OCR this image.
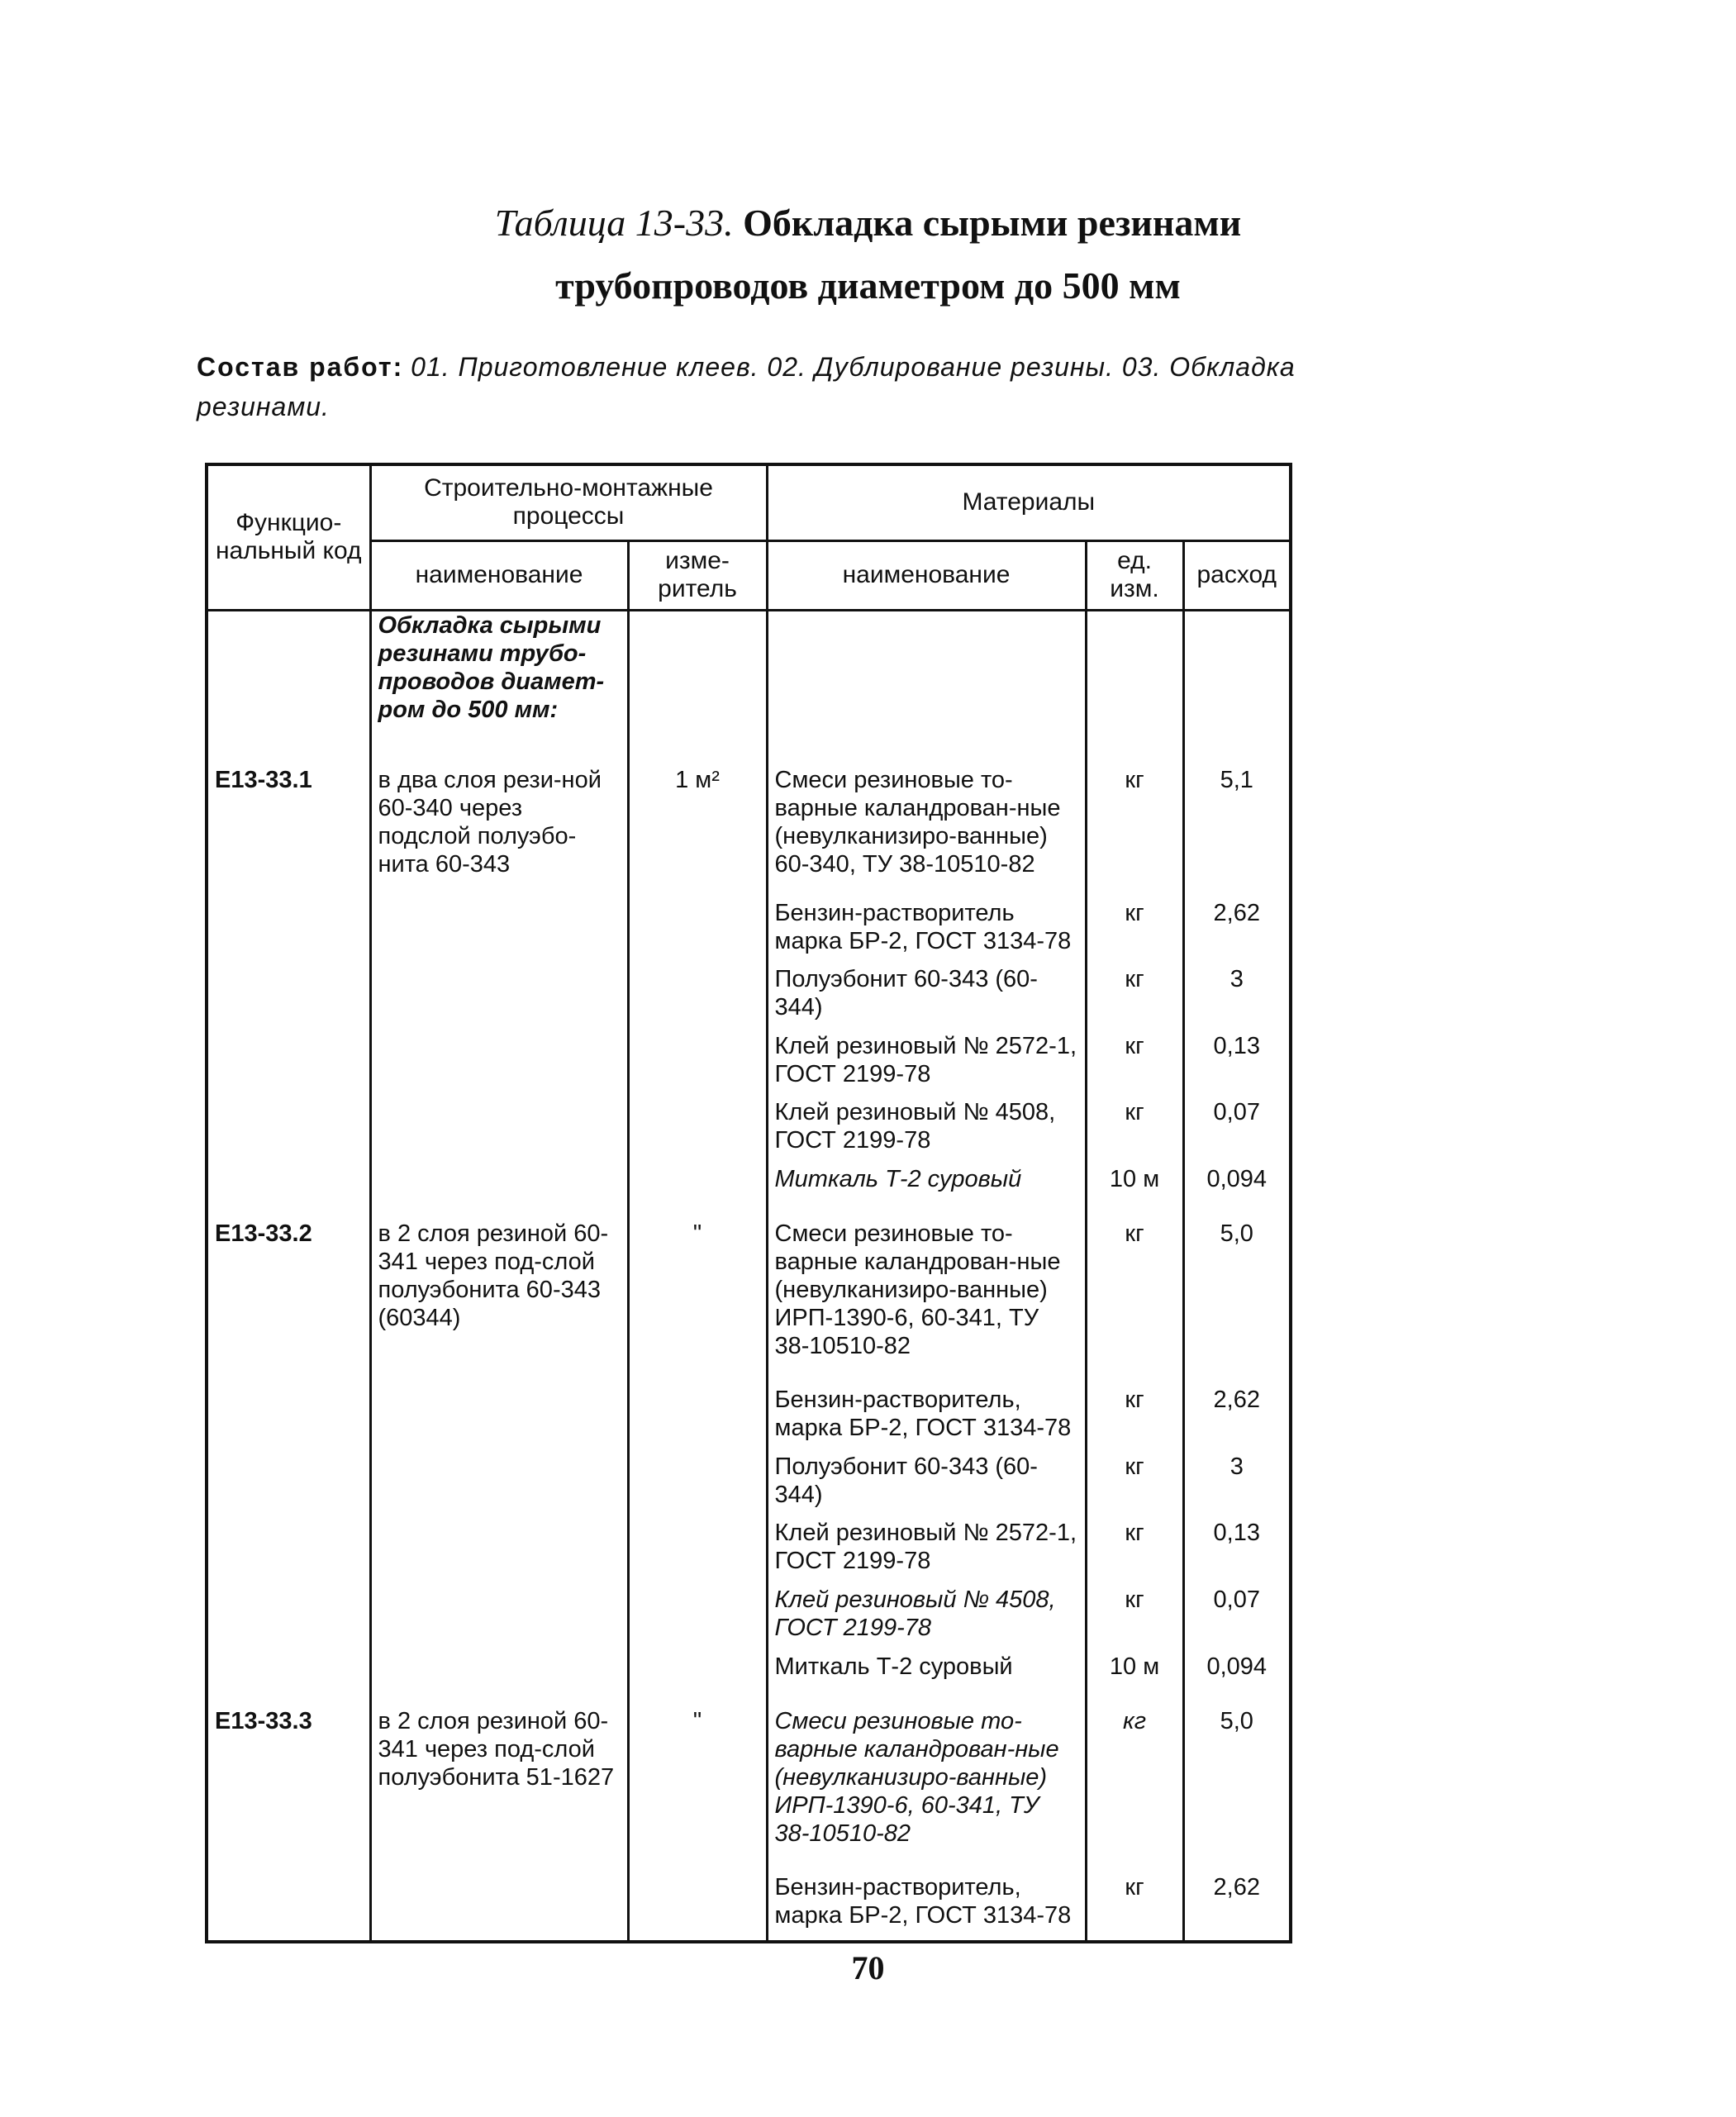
Таблица 13-33. Обкладка сырыми резинами
трубопроводов диаметром до 500 мм
Состав работ: 01. Приготовление клеев. 02. Дублирование резины. 03. Обкладка резинами.
Функцио-нальный код	Строительно-монтажные процессы		Материалы		
	наименование	изме-ритель	наименование	ед. изм.	расход
	Обкладка сырыми резинами трубо-проводов диамет-ром до 500 мм:				

Е13-33.1	в два слоя рези-ной 60-340 через подслой полуэбо-нита 60-343	1 м²	Смеси резиновые то-варные каландрован-ные (невулканизиро-ванные) 60-340, ТУ 38-10510-82	кг	5,1
			Бензин-растворитель марка БР-2, ГОСТ 3134-78	кг	2,62
			Полуэбонит 60-343 (60-344)	кг	3
			Клей резиновый № 2572-1, ГОСТ 2199-78	кг	0,13
			Клей резиновый № 4508, ГОСТ 2199-78	кг	0,07
			Миткаль Т-2 суровый	10 м	0,094

Е13-33.2	в 2 слоя резиной 60-341 через под-слой полуэбонита 60-343 (60344)	"	Смеси резиновые то-варные каландрован-ные (невулканизиро-ванные) ИРП-1390-6, 60-341, ТУ 38-10510-82	кг	5,0
			Бензин-растворитель, марка БР-2, ГОСТ 3134-78	кг	2,62
			Полуэбонит 60-343 (60-344)	кг	3
			Клей резиновый № 2572-1, ГОСТ 2199-78	кг	0,13
			Клей резиновый № 4508, ГОСТ 2199-78	кг	0,07
			Миткаль Т-2 суровый	10 м	0,094

Е13-33.3	в 2 слоя резиной 60-341 через под-слой полуэбонита 51-1627	"	Смеси резиновые то-варные каландрован-ные (невулканизиро-ванные) ИРП-1390-6, 60-341, ТУ 38-10510-82	кг	5,0
			Бензин-растворитель, марка БР-2, ГОСТ 3134-78	кг	2,62

70
